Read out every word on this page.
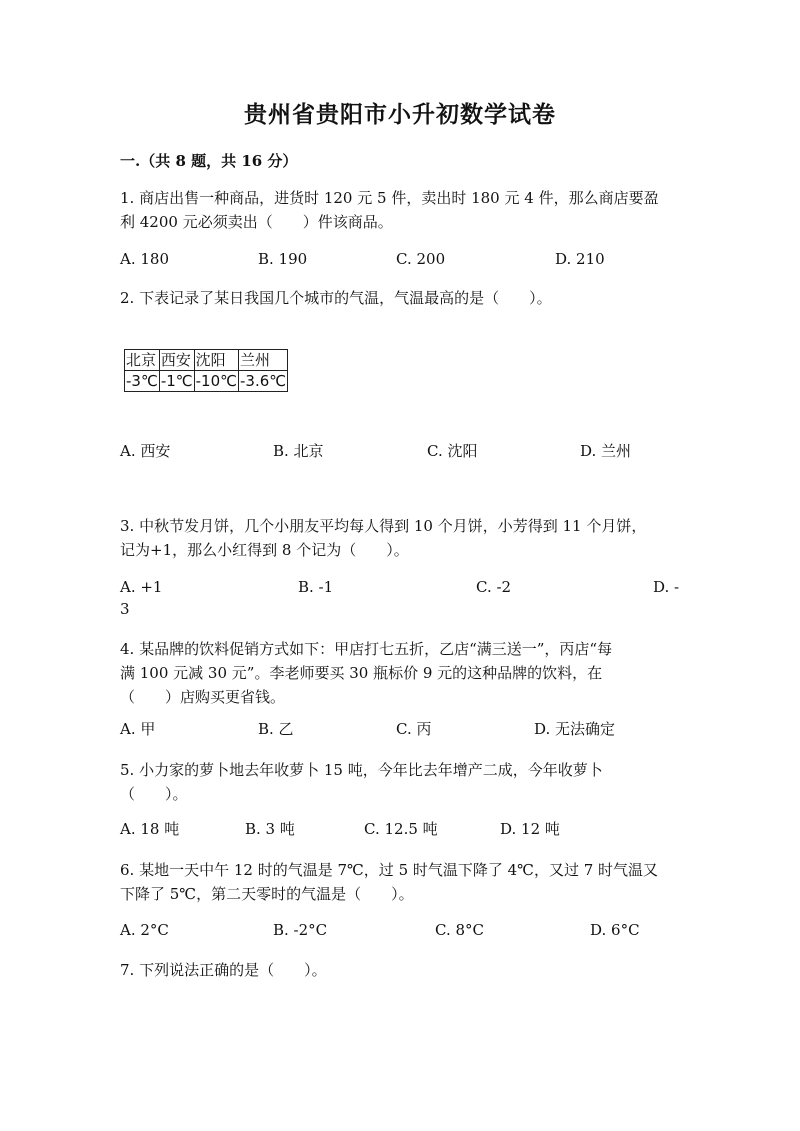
贵州省贵阳市小升初数学试卷
一.（共 8 题，共 16 分）
1. 商店出售一种商品，进货时 120 元 5 件，卖出时 180 元 4 件，那么商店要盈
利 4200 元必须卖出（　　）件该商品。
A. 180	B. 190	C. 200	D. 210
2. 下表记录了某日我国几个城市的气温，气温最高的是（　　）。
北京	西安	沈阳	兰州
-3℃	-1℃	-10℃	-3.6℃
A. 西安	B. 北京	C. 沈阳	D. 兰州
3. 中秋节发月饼，几个小朋友平均每人得到 10 个月饼，小芳得到 11 个月饼，
记为+1，那么小红得到 8 个记为（　　）。
A. +1	B. -1	C. -2	D. -
3
4. 某品牌的饮料促销方式如下：甲店打七五折，乙店“满三送一”，丙店“每
满 100 元减 30 元”。李老师要买 30 瓶标价 9 元的这种品牌的饮料，在
（　　）店购买更省钱。
A. 甲	B. 乙	C. 丙	D. 无法确定
5. 小力家的萝卜地去年收萝卜 15 吨，今年比去年增产二成，今年收萝卜
（　　）。
A. 18 吨	B. 3 吨	C. 12.5 吨	D. 12 吨
6. 某地一天中午 12 时的气温是 7℃，过 5 时气温下降了 4℃，又过 7 时气温又
下降了 5℃，第二天零时的气温是（　　）。
A. 2°C	B. -2°C	C. 8°C	D. 6°C
7. 下列说法正确的是（　　）。
